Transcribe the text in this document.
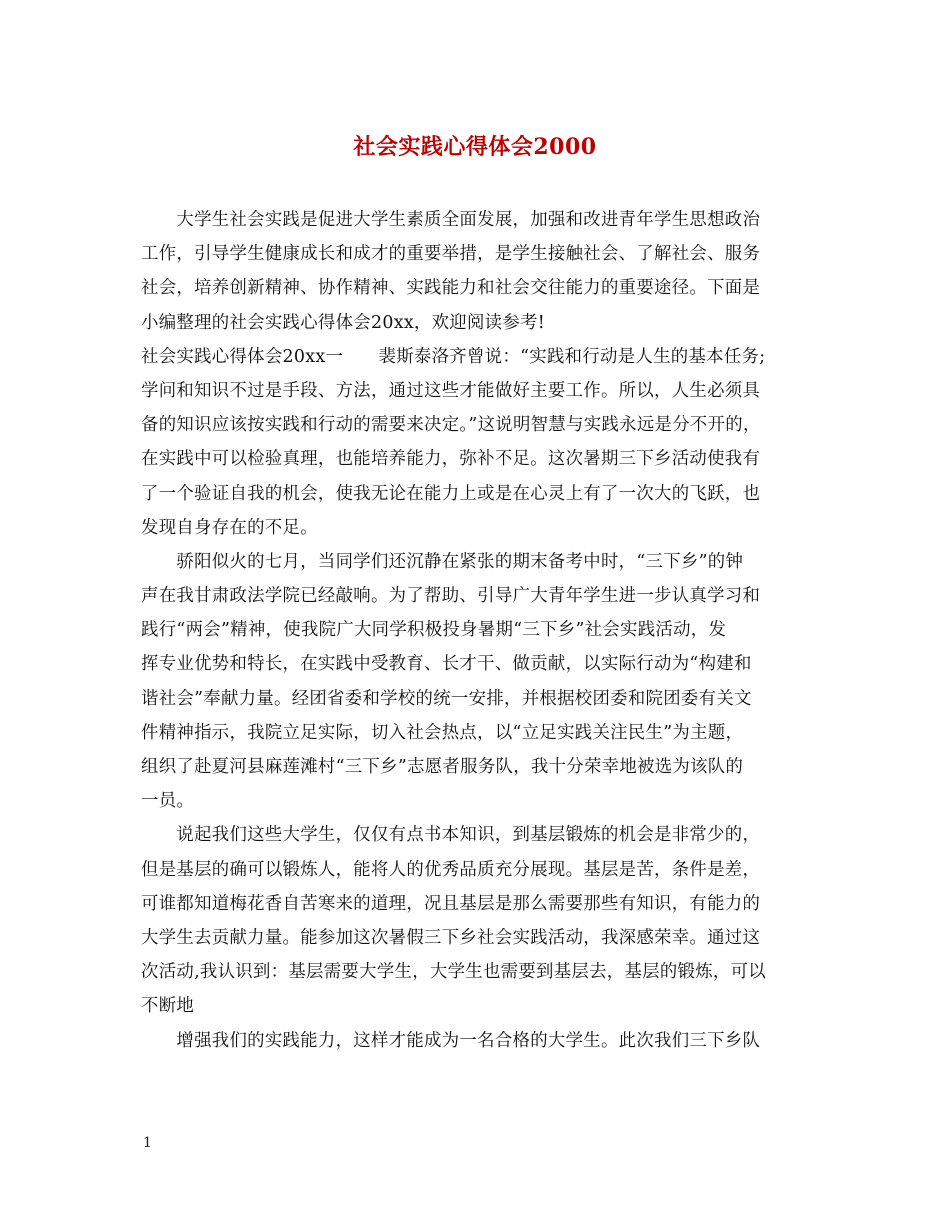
社会实践心得体会2000
　　大学生社会实践是促进大学生素质全面发展，加强和改进青年学生思想政治
工作，引导学生健康成长和成才的重要举措，是学生接触社会、了解社会、服务
社会，培养创新精神、协作精神、实践能力和社会交往能力的重要途径。下面是
小编整理的社会实践心得体会20xx，欢迎阅读参考!
社会实践心得体会20xx一　　裴斯泰洛齐曾说：“实践和行动是人生的基本任务;
学问和知识不过是手段、方法，通过这些才能做好主要工作。所以，人生必须具
备的知识应该按实践和行动的需要来决定。”这说明智慧与实践永远是分不开的，
在实践中可以检验真理，也能培养能力，弥补不足。这次暑期三下乡活动使我有
了一个验证自我的机会，使我无论在能力上或是在心灵上有了一次大的飞跃，也
发现自身存在的不足。
　　骄阳似火的七月，当同学们还沉静在紧张的期末备考中时，“三下乡”的钟
声在我甘肃政法学院已经敲响。为了帮助、引导广大青年学生进一步认真学习和
践行“两会”精神，使我院广大同学积极投身暑期“三下乡”社会实践活动，发
挥专业优势和特长，在实践中受教育、长才干、做贡献，以实际行动为“构建和
谐社会”奉献力量。经团省委和学校的统一安排，并根据校团委和院团委有关文
件精神指示，我院立足实际，切入社会热点，以“立足实践关注民生”为主题，
组织了赴夏河县麻莲滩村“三下乡”志愿者服务队，我十分荣幸地被选为该队的
一员。
　　说起我们这些大学生，仅仅有点书本知识，到基层锻炼的机会是非常少的，
但是基层的确可以锻炼人，能将人的优秀品质充分展现。基层是苦，条件是差，
可谁都知道梅花香自苦寒来的道理，况且基层是那么需要那些有知识，有能力的
大学生去贡献力量。能参加这次暑假三下乡社会实践活动，我深感荣幸。通过这
次活动,我认识到：基层需要大学生，大学生也需要到基层去，基层的锻炼，可以
不断地
　　增强我们的实践能力，这样才能成为一名合格的大学生。此次我们三下乡队
1
